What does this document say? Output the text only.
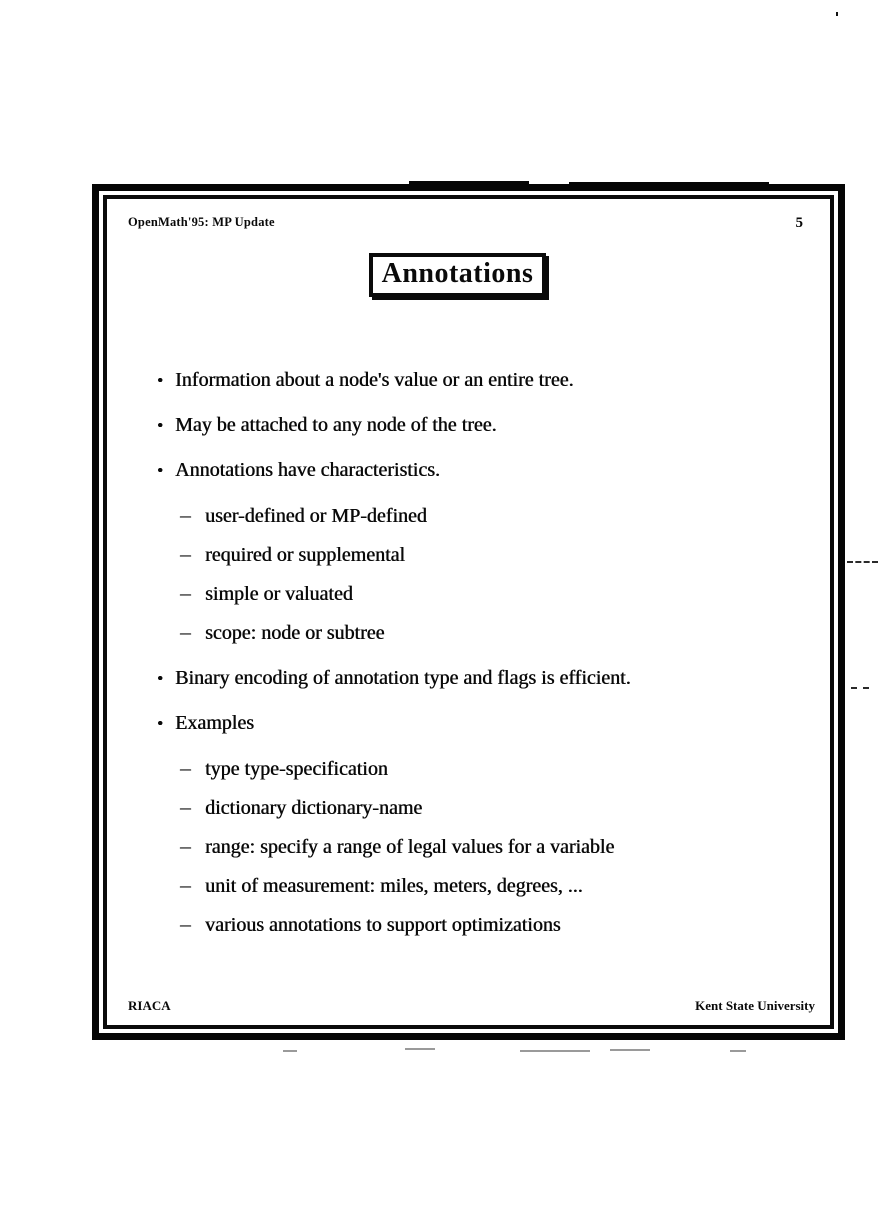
OpenMath'95: MP Update	5
Annotations
• Information about a node's value or an entire tree.
• May be attached to any node of the tree.
• Annotations have characteristics.
– user-defined or MP-defined
– required or supplemental
– simple or valuated
– scope: node or subtree
• Binary encoding of annotation type and flags is efficient.
• Examples
– type type-specification
– dictionary dictionary-name
– range: specify a range of legal values for a variable
– unit of measurement: miles, meters, degrees, ...
– various annotations to support optimizations
RIACA	Kent State University
